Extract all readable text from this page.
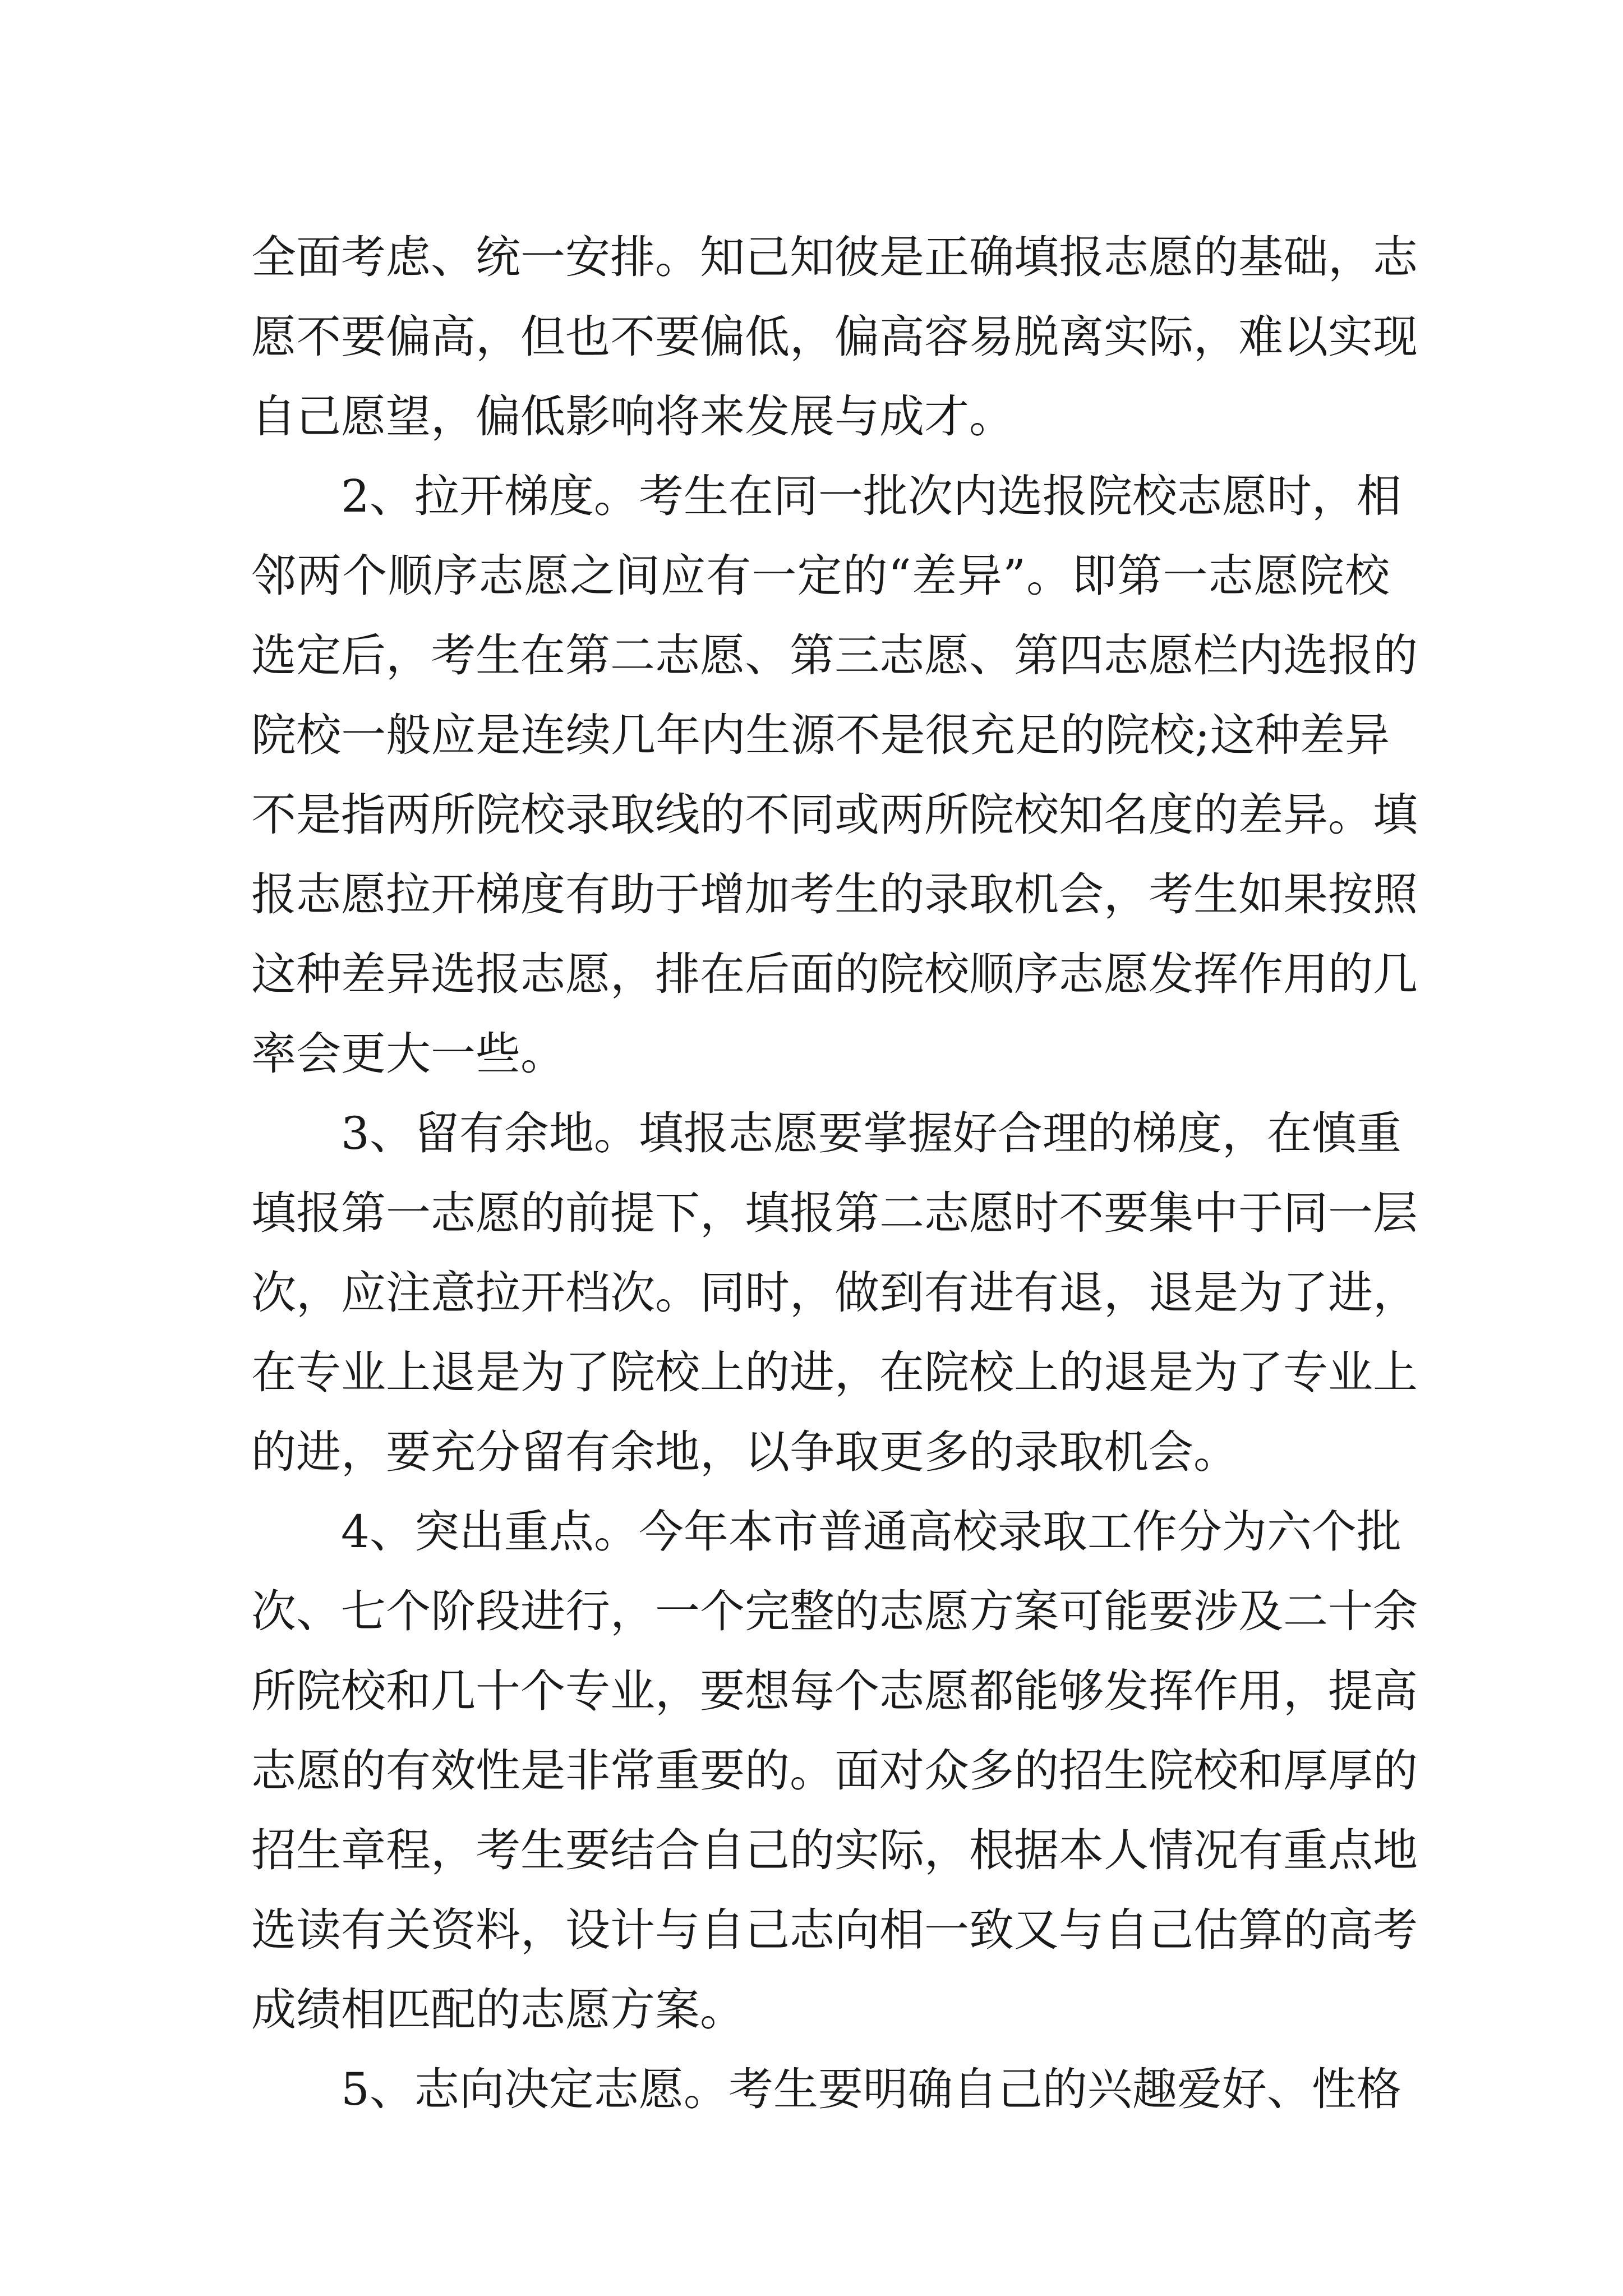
全面考虑、统一安排。知己知彼是正确填报志愿的基础，志
愿不要偏高，但也不要偏低，偏高容易脱离实际，难以实现
自己愿望，偏低影响将来发展与成才。
2、拉开梯度。考生在同一批次内选报院校志愿时，相
邻两个顺序志愿之间应有一定的“差异”。即第一志愿院校
选定后，考生在第二志愿、第三志愿、第四志愿栏内选报的
院校一般应是连续几年内生源不是很充足的院校;这种差异
不是指两所院校录取线的不同或两所院校知名度的差异。填
报志愿拉开梯度有助于增加考生的录取机会，考生如果按照
这种差异选报志愿，排在后面的院校顺序志愿发挥作用的几
率会更大一些。
3、留有余地。填报志愿要掌握好合理的梯度，在慎重
填报第一志愿的前提下，填报第二志愿时不要集中于同一层
次，应注意拉开档次。同时，做到有进有退，退是为了进，
在专业上退是为了院校上的进，在院校上的退是为了专业上
的进，要充分留有余地，以争取更多的录取机会。
4、突出重点。今年本市普通高校录取工作分为六个批
次、七个阶段进行，一个完整的志愿方案可能要涉及二十余
所院校和几十个专业，要想每个志愿都能够发挥作用，提高
志愿的有效性是非常重要的。面对众多的招生院校和厚厚的
招生章程，考生要结合自己的实际，根据本人情况有重点地
选读有关资料，设计与自己志向相一致又与自己估算的高考
成绩相匹配的志愿方案。
5、志向决定志愿。考生要明确自己的兴趣爱好、性格
